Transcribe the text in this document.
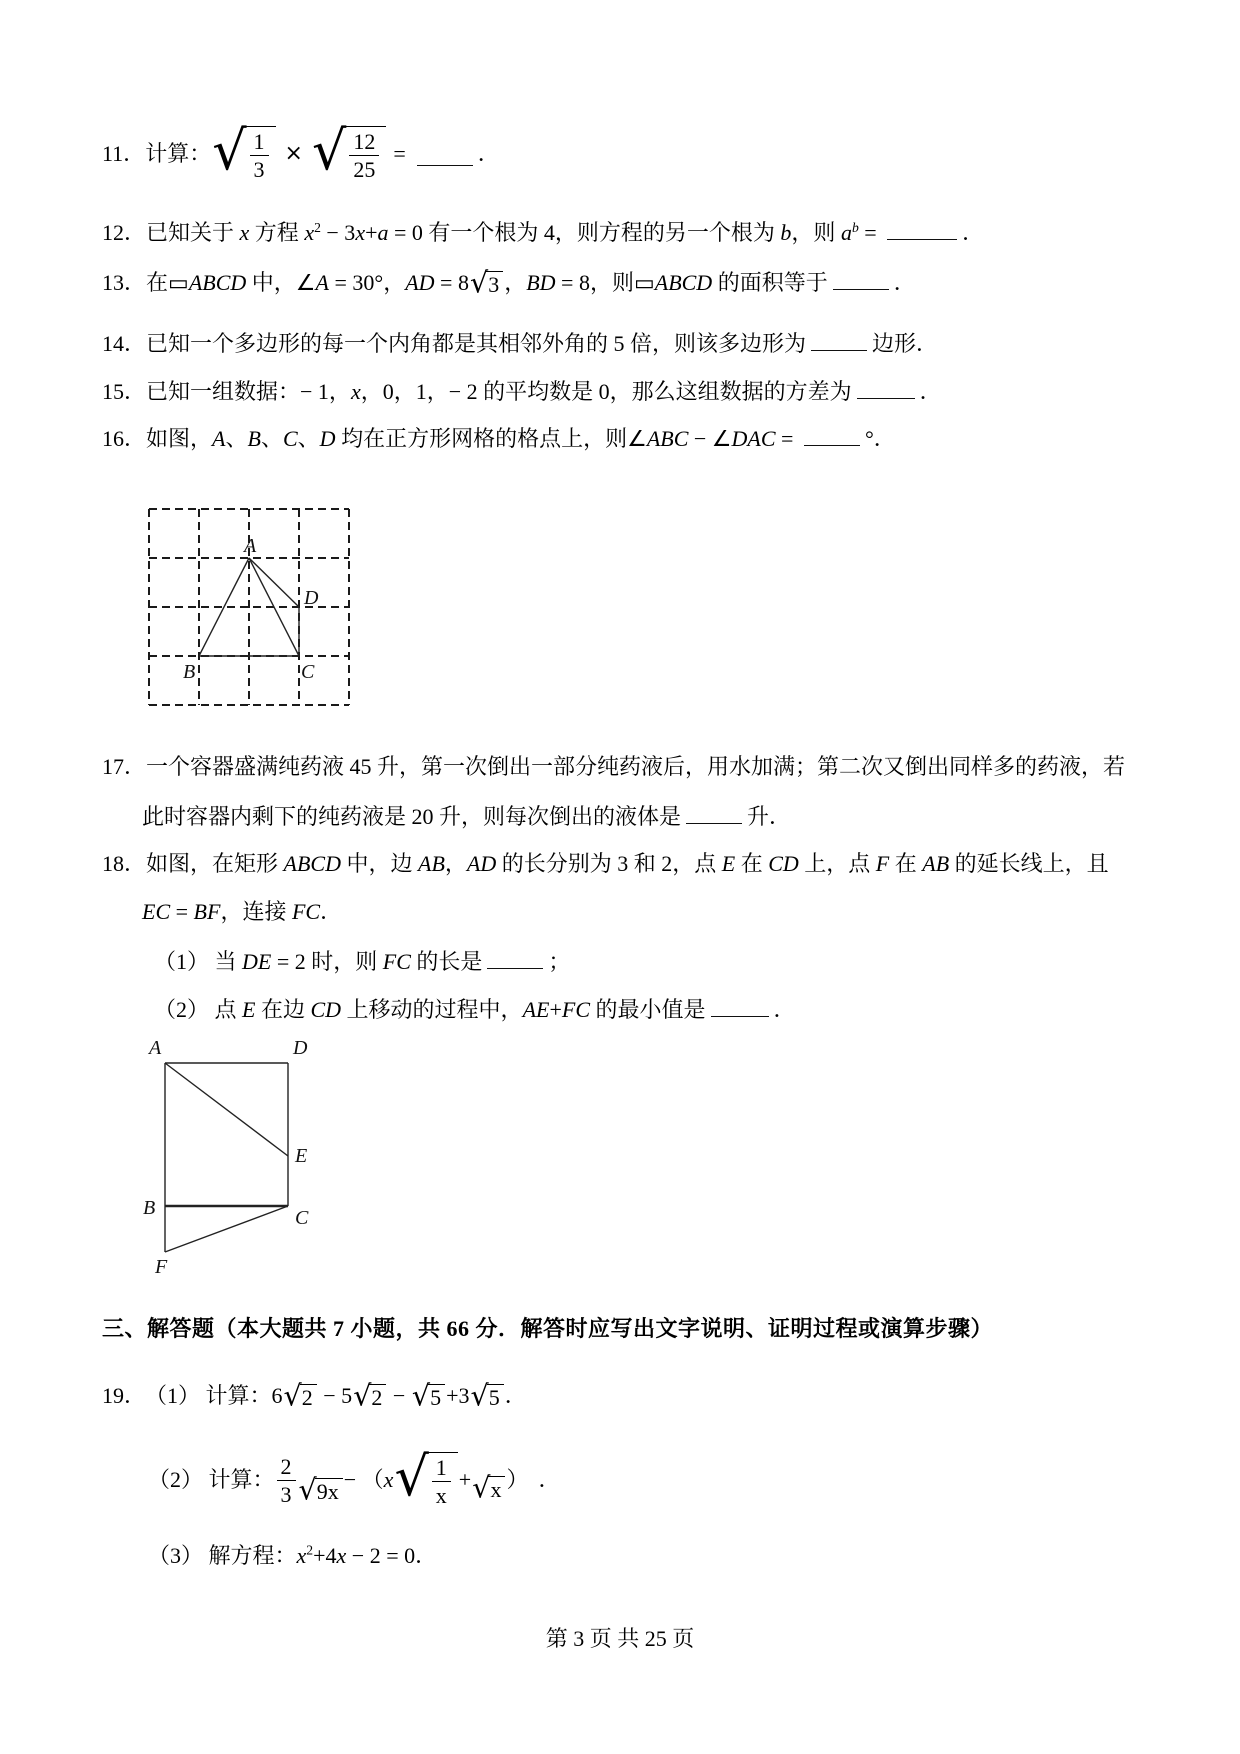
11． 计算： √ $\frac{1}{3}$ × √ $\frac{12}{25}$ =	．
12．已知关于 x 方程 $x^2 - 3x+a = 0$ 有一个根为 4，则方程的另一个根为 b，则 $a^b$ =	．
13．在▭ABCD 中，∠A = 30°，AD = 8 √ 3 ，BD = 8，则▭ABCD 的面积等于	．
14．已知一个多边形的每一个内角都是其相邻外角的 5 倍，则该多边形为	边形．
15．已知一组数据：− 1，x，0，1，− 2 的平均数是 0，那么这组数据的方差为	．
16．如图，A、B、C、D 均在正方形网格的格点上，则∠ABC − ∠DAC =	°．
A
B	C
D
17．一个容器盛满纯药液 45 升，第一次倒出一部分纯药液后，用水加满；第二次又倒出同样多的药液，若
此时容器内剩下的纯药液是 20 升，则每次倒出的液体是	升．
18．如图，在矩形 ABCD 中，边 AB，AD 的长分别为 3 和 2，点 E 在 CD 上，点 F 在 AB 的延长线上，且
EC = BF，连接 FC．
（1） 当 DE = 2 时，则 FC 的长是	；
（2） 点 E 在边 CD 上移动的过程中，AE+FC 的最小值是	．
A	D
E
B	C
F
三、解答题（本大题共 7 小题，共 66 分．解答时应写出文字说明、证明过程或演算步骤）
19． （1） 计算：6 √ 2 − 5 √ 2 − √ 5 +3 √ 5 ．
（2） 计算： $\frac{2}{3}$ √ 9x − （ x √ $\frac{1}{x}$ + √ x ） ．
（3） 解方程：$x^2+4x - 2 = 0$．
第 3 页 共 25 页
